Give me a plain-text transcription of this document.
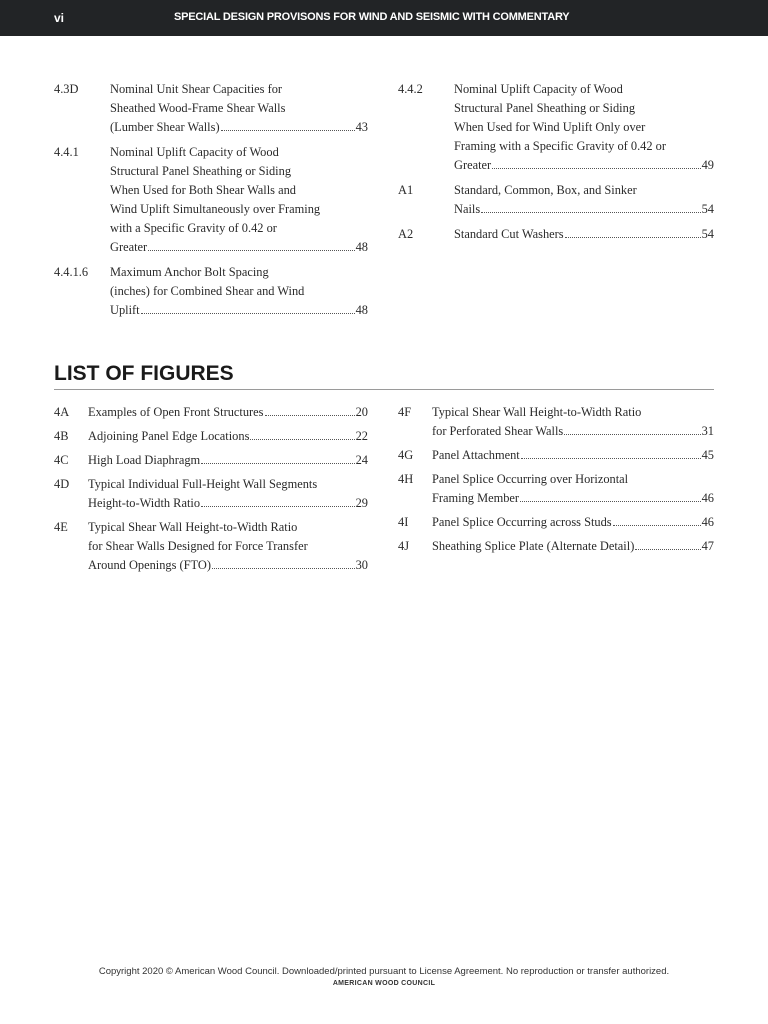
vi	SPECIAL DESIGN PROVISONS FOR WIND AND SEISMIC WITH COMMENTARY
4.3D	Nominal Unit Shear Capacities for
Sheathed Wood-Frame Shear Walls
(Lumber Shear Walls)	43
4.4.1	Nominal Uplift Capacity of Wood
Structural Panel Sheathing or Siding
When Used for Both Shear Walls and
Wind Uplift Simultaneously over Framing
with a Specific Gravity of 0.42 or
Greater	48
4.4.1.6	Maximum Anchor Bolt Spacing
(inches) for Combined Shear and Wind
Uplift	48
4.4.2	Nominal Uplift Capacity of Wood
Structural Panel Sheathing or Siding
When Used for Wind Uplift Only over
Framing with a Specific Gravity of 0.42 or
Greater	49
A1	Standard, Common, Box, and Sinker
Nails	54
A2	Standard Cut Washers	54
LIST OF FIGURES
4A	Examples of Open Front Structures	20
4B	Adjoining Panel Edge Locations	22
4C	High Load Diaphragm	24
4D	Typical Individual Full-Height Wall Segments
Height-to-Width Ratio	29
4E	Typical Shear Wall Height-to-Width Ratio
for Shear Walls Designed for Force Transfer
Around Openings (FTO)	30
4F	Typical Shear Wall Height-to-Width Ratio
for Perforated Shear Walls	31
4G	Panel Attachment	45
4H	Panel Splice Occurring over Horizontal
Framing Member	46
4I	Panel Splice Occurring across Studs	46
4J	Sheathing Splice Plate (Alternate Detail)	47
Copyright 2020 © American Wood Council. Downloaded/printed pursuant to License Agreement. No reproduction or transfer authorized.
AMERICAN WOOD COUNCIL
